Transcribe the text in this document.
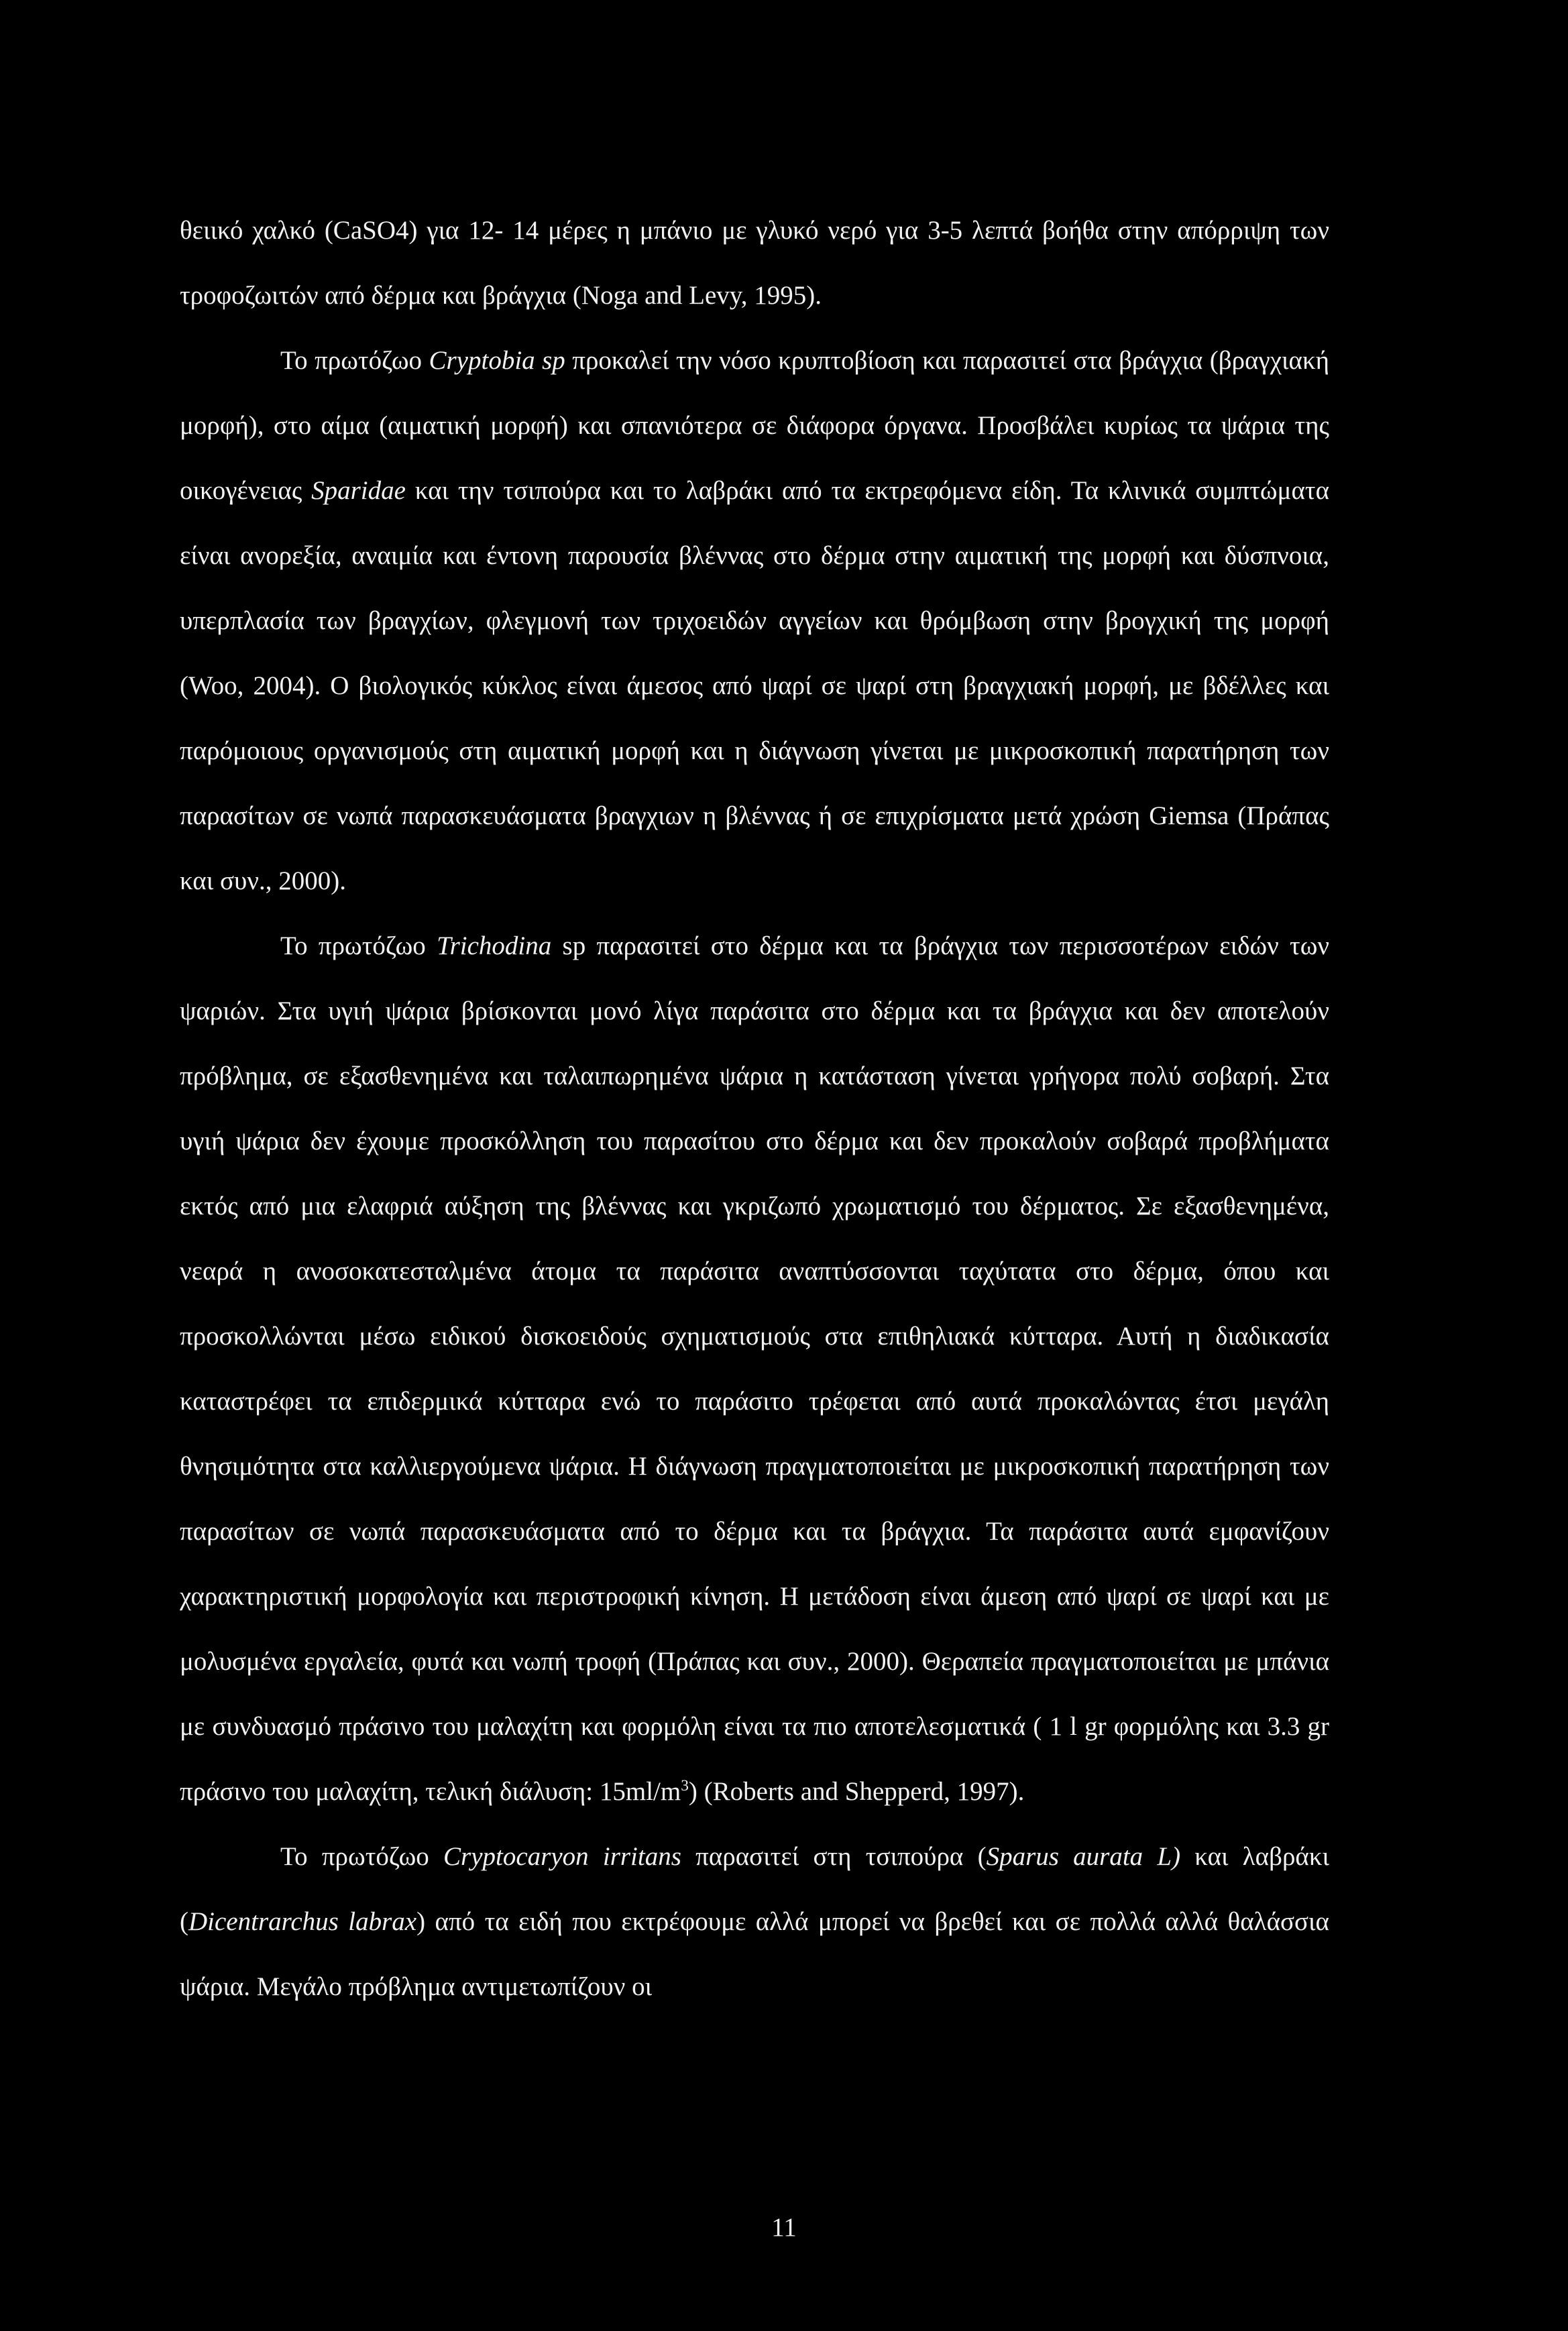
θειικό χαλκό (CaSO4) για 12- 14 μέρες η μπάνιο με γλυκό νερό για 3-5 λεπτά βοήθα στην απόρριψη των τροφοζωιτών από δέρμα και βράγχια (Noga and Levy, 1995).

Το πρωτόζωο Cryptobia sp προκαλεί την νόσο κρυπτοβίοση και παρασιτεί στα βράγχια (βραγχιακή μορφή), στο αίμα (αιματική μορφή) και σπανιότερα σε διάφορα όργανα. Προσβάλει κυρίως τα ψάρια της οικογένειας Sparidae και την τσιπούρα και το λαβράκι από τα εκτρεφόμενα είδη. Τα κλινικά συμπτώματα είναι ανορεξία, αναιμία και έντονη παρουσία βλέννας στο δέρμα στην αιματική της μορφή και δύσπνοια, υπερπλασία των βραγχίων, φλεγμονή των τριχοειδών αγγείων και θρόμβωση στην βρογχική της μορφή (Woo, 2004). Ο βιολογικός κύκλος είναι άμεσος από ψαρί σε ψαρί στη βραγχιακή μορφή, με βδέλλες και παρόμοιους οργανισμούς στη αιματική μορφή και η διάγνωση γίνεται με μικροσκοπική παρατήρηση των παρασίτων σε νωπά παρασκευάσματα βραγχιων η βλέννας ή σε επιχρίσματα μετά χρώση Giemsa (Πράπας και συν., 2000).

Το πρωτόζωο Trichodina sp παρασιτεί στο δέρμα και τα βράγχια των περισσοτέρων ειδών των ψαριών. Στα υγιή ψάρια βρίσκονται μονό λίγα παράσιτα στο δέρμα και τα βράγχια και δεν αποτελούν πρόβλημα, σε εξασθενημένα και ταλαιπωρημένα ψάρια η κατάσταση γίνεται γρήγορα πολύ σοβαρή. Στα υγιή ψάρια δεν έχουμε προσκόλληση του παρασίτου στο δέρμα και δεν προκαλούν σοβαρά προβλήματα εκτός από μια ελαφριά αύξηση της βλέννας και γκριζωπό χρωματισμό του δέρματος. Σε εξασθενημένα, νεαρά η ανοσοκατεσταλμένα άτομα τα παράσιτα αναπτύσσονται ταχύτατα στο δέρμα, όπου και προσκολλώνται μέσω ειδικού δισκοειδούς σχηματισμούς στα επιθηλιακά κύτταρα. Αυτή η διαδικασία καταστρέφει τα επιδερμικά κύτταρα ενώ το παράσιτο τρέφεται από αυτά προκαλώντας έτσι μεγάλη θνησιμότητα στα καλλιεργούμενα ψάρια. Η διάγνωση πραγματοποιείται με μικροσκοπική παρατήρηση των παρασίτων σε νωπά παρασκευάσματα από το δέρμα και τα βράγχια. Τα παράσιτα αυτά εμφανίζουν χαρακτηριστική μορφολογία και περιστροφική κίνηση. Η μετάδοση είναι άμεση από ψαρί σε ψαρί και με μολυσμένα εργαλεία, φυτά και νωπή τροφή (Πράπας και συν., 2000). Θεραπεία πραγματοποιείται με μπάνια με συνδυασμό πράσινο του μαλαχίτη και φορμόλη είναι τα πιο αποτελεσματικά ( 1 l gr φορμόλης και 3.3 gr πράσινο του μαλαχίτη, τελική διάλυση: $15ml/m^3$) (Roberts and Shepperd, 1997).

Το πρωτόζωο Cryptocaryon irritans παρασιτεί στη τσιπούρα (Sparus aurata L) και λαβράκι (Dicentrarchus labrax) από τα ειδή που εκτρέφουμε αλλά μπορεί να βρεθεί και σε πολλά αλλά θαλάσσια ψάρια. Μεγάλο πρόβλημα αντιμετωπίζουν οι

11
